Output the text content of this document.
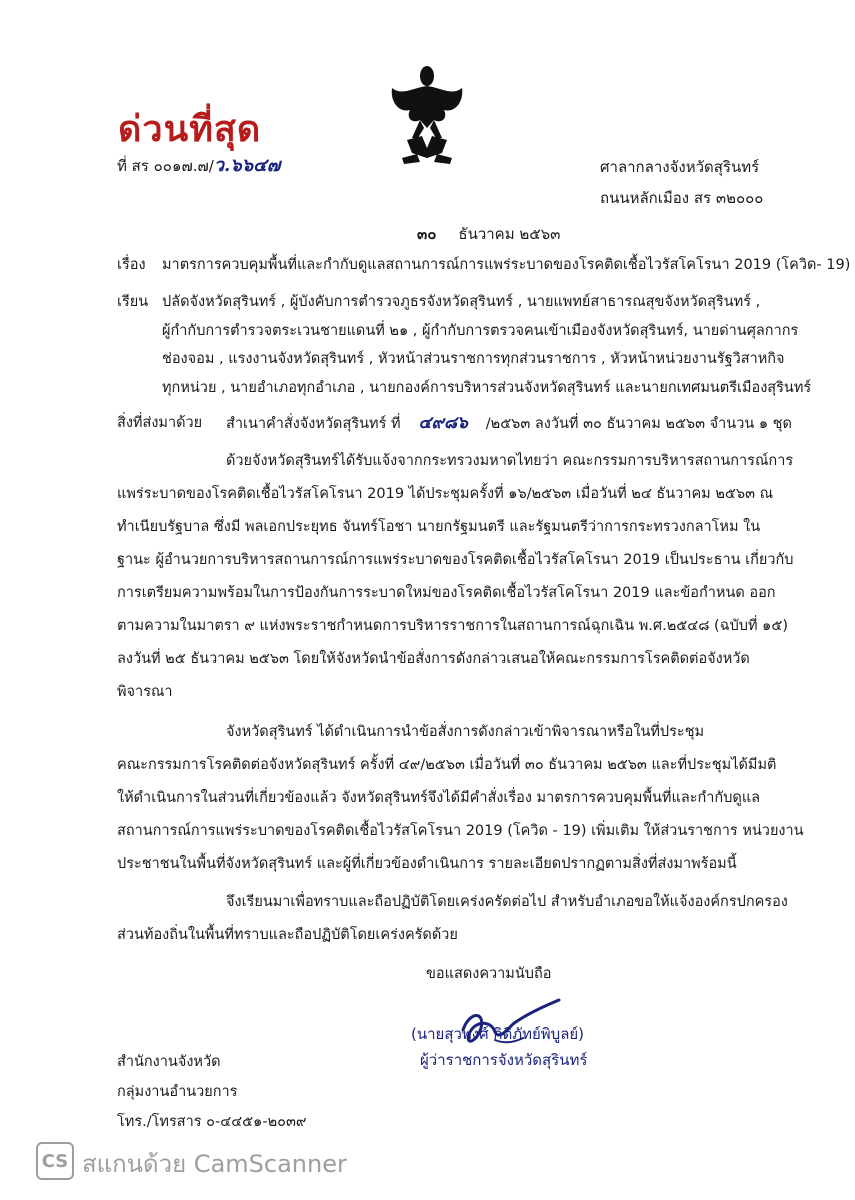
ด่วนที่สุด
ที่ สร ๐๐๑๗.๗/ว.๖๖๔๗	ศาลากลางจังหวัดสุรินทร์
ถนนหลักเมือง สร ๓๒๐๐๐
๓๐ ธันวาคม ๒๕๖๓
เรื่อง มาตรการควบคุมพื้นที่และกำกับดูแลสถานการณ์การแพร่ระบาดของโรคติดเชื้อไวรัสโคโรนา 2019 (โควิด- 19)
เรียน ปลัดจังหวัดสุรินทร์ , ผู้บังคับการตำรวจภูธรจังหวัดสุรินทร์ , นายแพทย์สาธารณสุขจังหวัดสุรินทร์ ,
ผู้กำกับการตำรวจตระเวนชายแดนที่ ๒๑ , ผู้กำกับการตรวจคนเข้าเมืองจังหวัดสุรินทร์, นายด่านศุลกากร
ช่องจอม , แรงงานจังหวัดสุรินทร์ , หัวหน้าส่วนราชการทุกส่วนราชการ , หัวหน้าหน่วยงานรัฐวิสาหกิจ
ทุกหน่วย , นายอำเภอทุกอำเภอ , นายกองค์การบริหารส่วนจังหวัดสุรินทร์ และนายกเทศมนตรีเมืองสุรินทร์
สิ่งที่ส่งมาด้วย สำเนาคำสั่งจังหวัดสุรินทร์ ที่ ๔๙๘๖ /๒๕๖๓ ลงวันที่ ๓๐ ธันวาคม ๒๕๖๓ จำนวน ๑ ชุด
ด้วยจังหวัดสุรินทร์ได้รับแจ้งจากกระทรวงมหาดไทยว่า คณะกรรมการบริหารสถานการณ์การ
แพร่ระบาดของโรคติดเชื้อไวรัสโคโรนา 2019 ได้ประชุมครั้งที่ ๑๖/๒๕๖๓ เมื่อวันที่ ๒๔ ธันวาคม ๒๕๖๓ ณ
ทำเนียบรัฐบาล ซึ่งมี พลเอกประยุทธ จันทร์โอชา นายกรัฐมนตรี และรัฐมนตรีว่าการกระทรวงกลาโหม ใน
ฐานะ ผู้อำนวยการบริหารสถานการณ์การแพร่ระบาดของโรคติดเชื้อไวรัสโคโรนา 2019 เป็นประธาน เกี่ยวกับ
การเตรียมความพร้อมในการป้องกันการระบาดใหม่ของโรคติดเชื้อไวรัสโคโรนา 2019 และข้อกำหนด ออก
ตามความในมาตรา ๙ แห่งพระราชกำหนดการบริหารราชการในสถานการณ์ฉุกเฉิน พ.ศ.๒๕๔๘ (ฉบับที่ ๑๕)
ลงวันที่ ๒๕ ธันวาคม ๒๕๖๓ โดยให้จังหวัดนำข้อสั่งการดังกล่าวเสนอให้คณะกรรมการโรคติดต่อจังหวัด
พิจารณา
จังหวัดสุรินทร์ ได้ดำเนินการนำข้อสั่งการดังกล่าวเข้าพิจารณาหรือในที่ประชุม
คณะกรรมการโรคติดต่อจังหวัดสุรินทร์ ครั้งที่ ๔๙/๒๕๖๓ เมื่อวันที่ ๓๐ ธันวาคม ๒๕๖๓ และที่ประชุมได้มีมติ
ให้ดำเนินการในส่วนที่เกี่ยวข้องแล้ว จังหวัดสุรินทร์จึงได้มีคำสั่งเรื่อง มาตรการควบคุมพื้นที่และกำกับดูแล
สถานการณ์การแพร่ระบาดของโรคติดเชื้อไวรัสโคโรนา 2019 (โควิด - 19) เพิ่มเติม ให้ส่วนราชการ หน่วยงาน
ประชาชนในพื้นที่จังหวัดสุรินทร์ และผู้ที่เกี่ยวข้องดำเนินการ รายละเอียดปรากฏตามสิ่งที่ส่งมาพร้อมนี้
จึงเรียนมาเพื่อทราบและถือปฏิบัติโดยเคร่งครัดต่อไป สำหรับอำเภอขอให้แจ้งองค์กรปกครอง
ส่วนท้องถิ่นในพื้นที่ทราบและถือปฏิบัติโดยเคร่งครัดด้วย
ขอแสดงความนับถือ
(นายสุวพงศ์ กิติภัทย์พิบูลย์)
ผู้ว่าราชการจังหวัดสุรินทร์
สำนักงานจังหวัด
กลุ่มงานอำนวยการ
โทร./โทรสาร ๐-๔๔๕๑-๒๐๓๙
CS สแกนด้วย CamScanner
